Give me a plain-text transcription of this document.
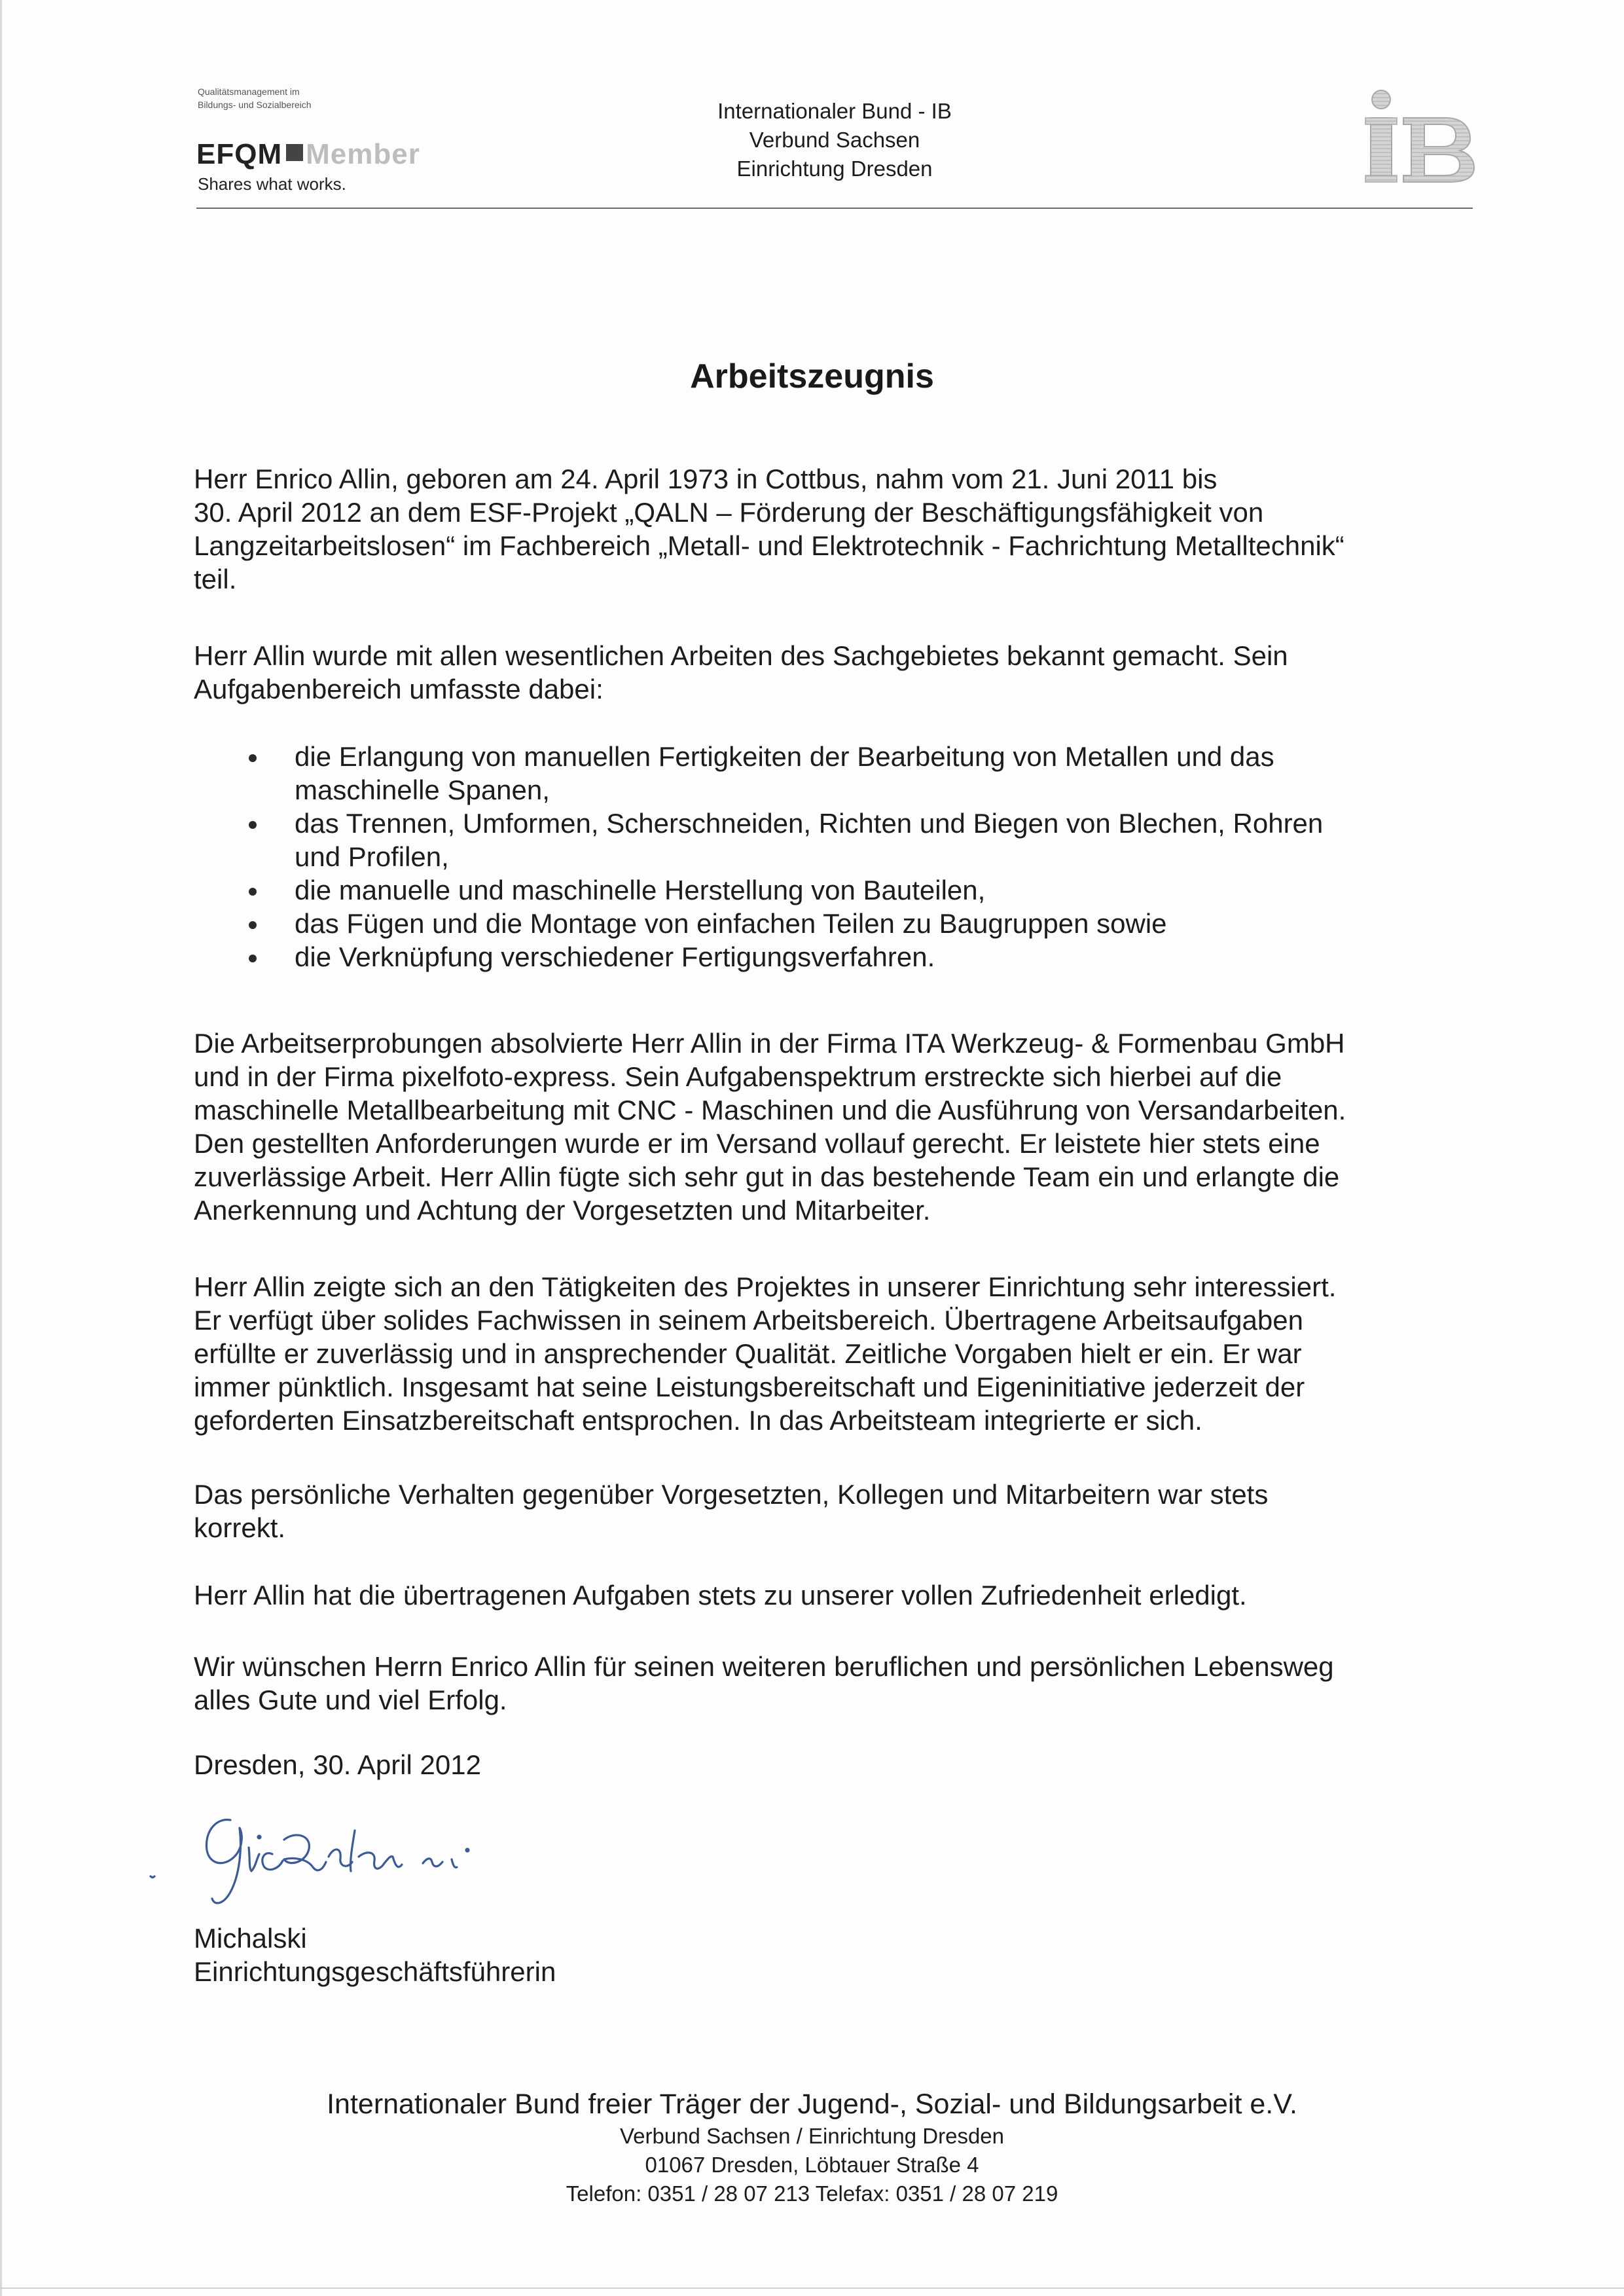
Qualitätsmanagement im
Bildungs- und Sozialbereich
EFQM Member
Shares what works.
Internationaler Bund - IB
Verbund Sachsen
Einrichtung Dresden
Arbeitszeugnis
Herr Enrico Allin, geboren am 24. April 1973 in Cottbus, nahm vom 21. Juni 2011 bis
30. April 2012 an dem ESF-Projekt „QALN – Förderung der Beschäftigungsfähigkeit von
Langzeitarbeitslosen“ im Fachbereich „Metall- und Elektrotechnik - Fachrichtung Metalltechnik“
teil.
Herr Allin wurde mit allen wesentlichen Arbeiten des Sachgebietes bekannt gemacht. Sein
Aufgabenbereich umfasste dabei:
die Erlangung von manuellen Fertigkeiten der Bearbeitung von Metallen und das
maschinelle Spanen,
das Trennen, Umformen, Scherschneiden, Richten und Biegen von Blechen, Rohren
und Profilen,
die manuelle und maschinelle Herstellung von Bauteilen,
das Fügen und die Montage von einfachen Teilen zu Baugruppen sowie
die Verknüpfung verschiedener Fertigungsverfahren.
Die Arbeitserprobungen absolvierte Herr Allin in der Firma ITA Werkzeug- & Formenbau GmbH
und in der Firma pixelfoto-express. Sein Aufgabenspektrum erstreckte sich hierbei auf die
maschinelle Metallbearbeitung mit CNC - Maschinen und die Ausführung von Versandarbeiten.
Den gestellten Anforderungen wurde er im Versand vollauf gerecht. Er leistete hier stets eine
zuverlässige Arbeit. Herr Allin fügte sich sehr gut in das bestehende Team ein und erlangte die
Anerkennung und Achtung der Vorgesetzten und Mitarbeiter.
Herr Allin zeigte sich an den Tätigkeiten des Projektes in unserer Einrichtung sehr interessiert.
Er verfügt über solides Fachwissen in seinem Arbeitsbereich. Übertragene Arbeitsaufgaben
erfüllte er zuverlässig und in ansprechender Qualität. Zeitliche Vorgaben hielt er ein. Er war
immer pünktlich. Insgesamt hat seine Leistungsbereitschaft und Eigeninitiative jederzeit der
geforderten Einsatzbereitschaft entsprochen. In das Arbeitsteam integrierte er sich.
Das persönliche Verhalten gegenüber Vorgesetzten, Kollegen und Mitarbeitern war stets
korrekt.
Herr Allin hat die übertragenen Aufgaben stets zu unserer vollen Zufriedenheit erledigt.
Wir wünschen Herrn Enrico Allin für seinen weiteren beruflichen und persönlichen Lebensweg
alles Gute und viel Erfolg.
Dresden, 30. April 2012
Michalski
Einrichtungsgeschäftsführerin
Internationaler Bund freier Träger der Jugend-, Sozial- und Bildungsarbeit e.V.
Verbund Sachsen / Einrichtung Dresden
01067 Dresden, Löbtauer Straße 4
Telefon: 0351 / 28 07 213 Telefax: 0351 / 28 07 219
